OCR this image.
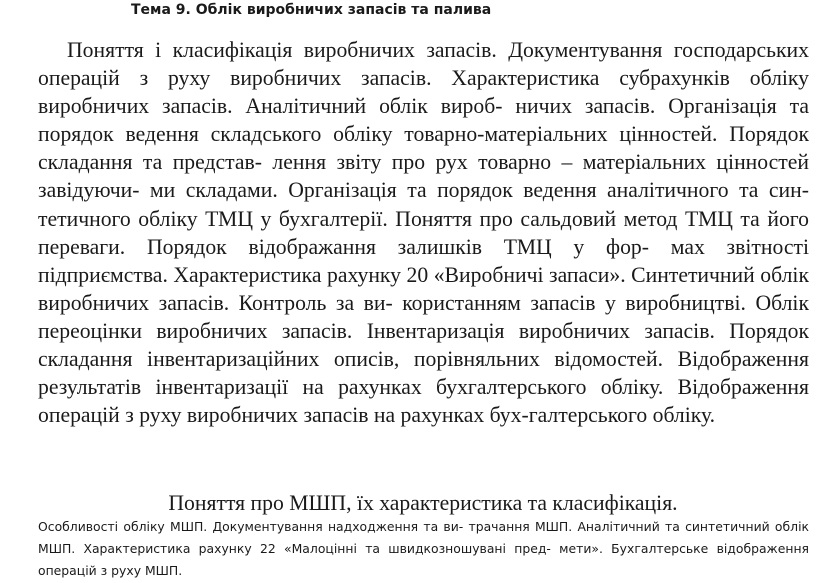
Тема 9. Облік виробничих запасів та палива

Поняття і класифікація виробничих запасів. Документування господарських операцій з руху виробничих запасів. Характеристика субрахунків обліку виробничих запасів. Аналітичний облік вироб- ничих запасів. Організація та порядок ведення складського обліку товарно-матеріальних цінностей. Порядок складання та представ- лення звіту про рух товарно – матеріальних цінностей завідуючи- ми складами. Організація та порядок ведення аналітичного та син- тетичного обліку ТМЦ у бухгалтерії. Поняття про сальдовий метод ТМЦ та його переваги. Порядок відображання залишків ТМЦ у фор- мах звітності підприємства. Характеристика рахунку 20 «Виробничі запаси». Синтетичний облік виробничих запасів. Контроль за ви- користанням запасів у виробництві. Облік переоцінки виробничих запасів. Інвентаризація виробничих запасів. Порядок складання інвентаризаційних описів, порівняльних відомостей. Відображення результатів інвентаризації на рахунках бухгалтерського обліку. Відображення операцій з руху виробничих запасів на рахунках бух-галтерського обліку.

Поняття про МШП, їх характеристика та класифікація.

Особливості обліку МШП. Документування надходження та ви- трачання МШП. Аналітичний та синтетичний облік МШП. Характеристика рахунку 22 «Малоцінні та швидкозношувані пред- мети». Бухгалтерське відображення операцій з руху МШП.
